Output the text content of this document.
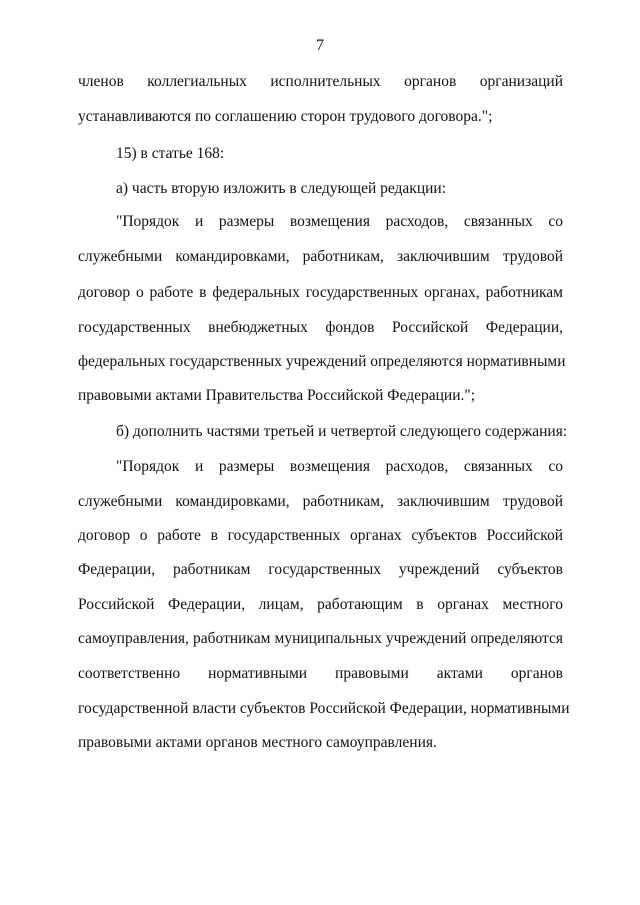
7
членов коллегиальных исполнительных органов организаций
устанавливаются по соглашению сторон трудового договора.";
15) в статье 168:
а) часть вторую изложить в следующей редакции:
"Порядок и размеры возмещения расходов, связанных со
служебными командировками, работникам, заключившим трудовой
договор о работе в федеральных государственных органах, работникам
государственных внебюджетных фондов Российской Федерации,
федеральных государственных учреждений определяются нормативными
правовыми актами Правительства Российской Федерации.";
б) дополнить частями третьей и четвертой следующего содержания:
"Порядок и размеры возмещения расходов, связанных со
служебными командировками, работникам, заключившим трудовой
договор о работе в государственных органах субъектов Российской
Федерации, работникам государственных учреждений субъектов
Российской Федерации, лицам, работающим в органах местного
самоуправления, работникам муниципальных учреждений определяются
соответственно нормативными правовыми актами органов
государственной власти субъектов Российской Федерации, нормативными
правовыми актами органов местного самоуправления.
